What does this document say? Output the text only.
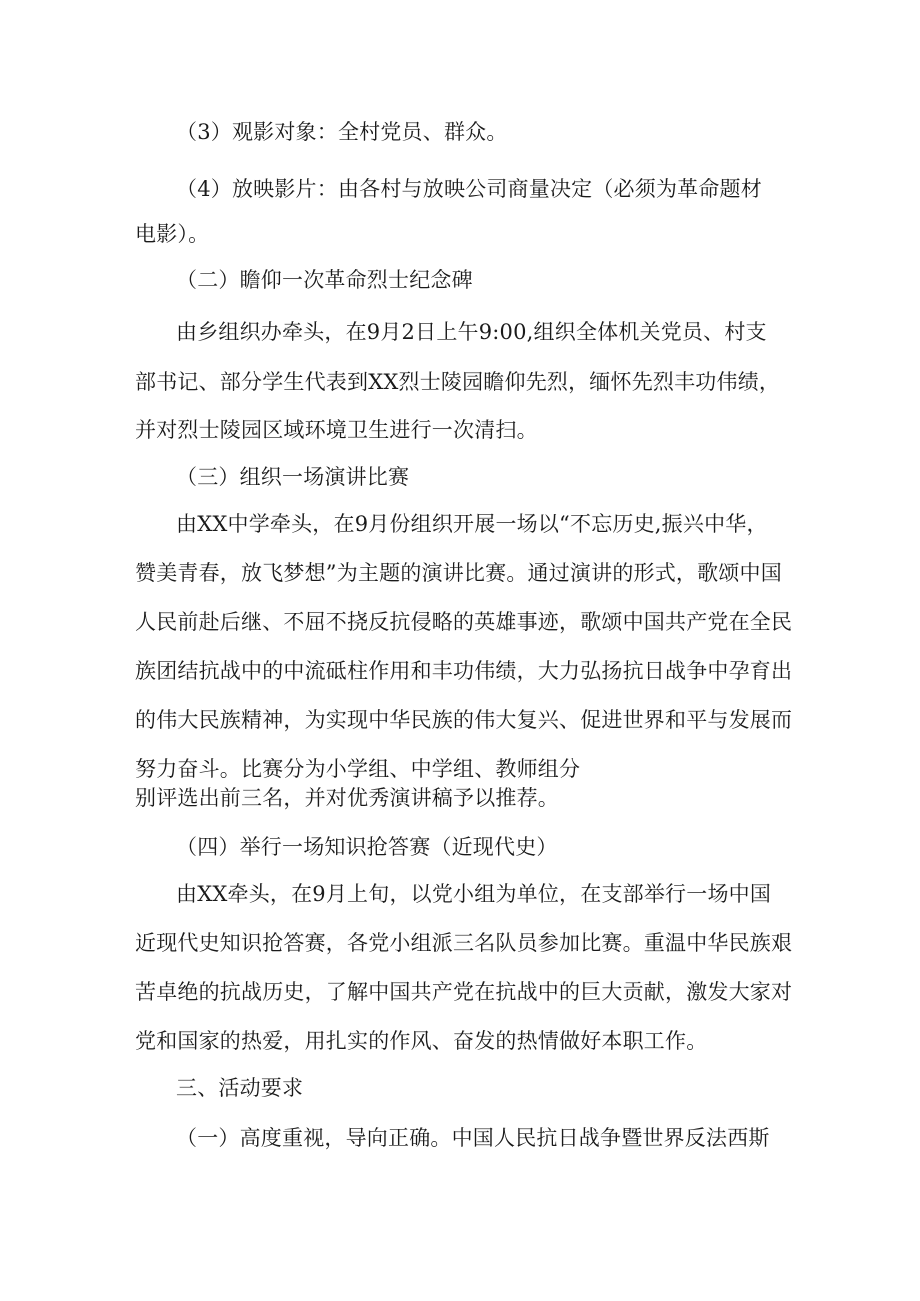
（3）观影对象：全村党员、群众。
（4）放映影片：由各村与放映公司商量决定（必须为革命题材
电影）。
（二）瞻仰一次革命烈士纪念碑
由乡组织办牵头，在9月2日上午9:00,组织全体机关党员、村支
部书记、部分学生代表到XX烈士陵园瞻仰先烈，缅怀先烈丰功伟绩，
并对烈士陵园区域环境卫生进行一次清扫。
（三）组织一场演讲比赛
由XX中学牵头，在9月份组织开展一场以“不忘历史,振兴中华，
赞美青春，放飞梦想”为主题的演讲比赛。通过演讲的形式，歌颂中国
人民前赴后继、不屈不挠反抗侵略的英雄事迹，歌颂中国共产党在全民
族团结抗战中的中流砥柱作用和丰功伟绩，大力弘扬抗日战争中孕育出
的伟大民族精神，为实现中华民族的伟大复兴、促进世界和平与发展而
努力奋斗。比赛分为小学组、中学组、教师组分
别评选出前三名，并对优秀演讲稿予以推荐。
（四）举行一场知识抢答赛（近现代史）
由XX牵头，在9月上旬，以党小组为单位，在支部举行一场中国
近现代史知识抢答赛，各党小组派三名队员参加比赛。重温中华民族艰
苦卓绝的抗战历史，了解中国共产党在抗战中的巨大贡献，激发大家对
党和国家的热爱，用扎实的作风、奋发的热情做好本职工作。
三、活动要求
（一）高度重视，导向正确。中国人民抗日战争暨世界反法西斯
